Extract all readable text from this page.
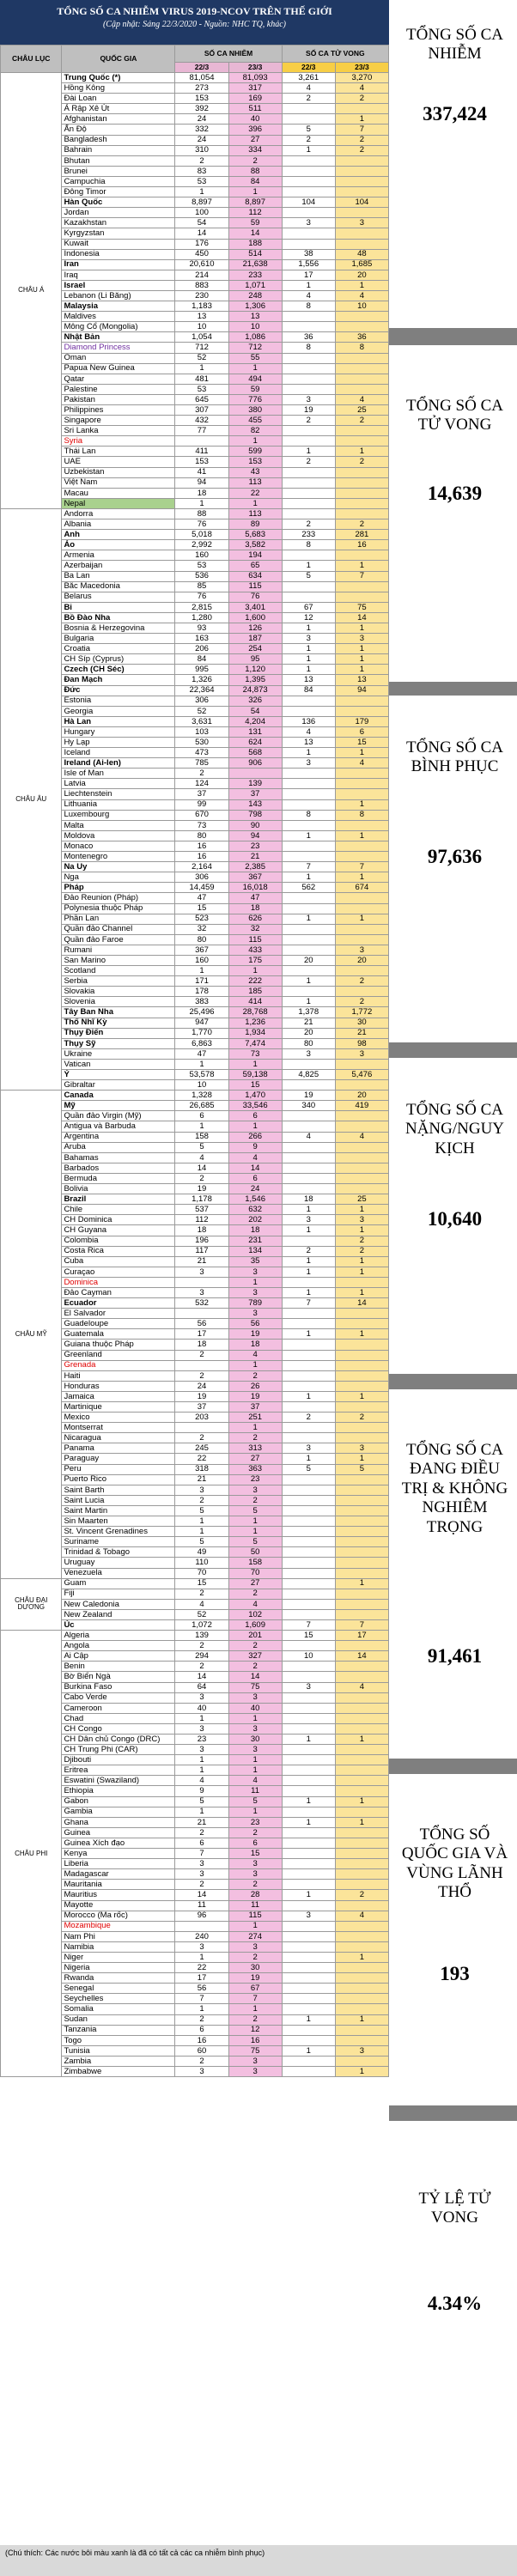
TỔNG SỐ CA NHIỄM VIRUS 2019-NCOV TRÊN THẾ GIỚI
(Cập nhật: Sáng 22/3/2020 - Nguồn: NHC TQ, khác)
CHÂU LỤC	QUỐC GIA	SỐ CA NHIỄM		SỐ CA TỬ VONG	
		22/3	23/3	22/3	23/3
CHÂU Á	Trung Quốc (*)	81,054	81,093	3,261	3,270
	Hồng Kông	273	317	4	4
	Đài Loan	153	169	2	2
	Ả Rập Xê Út	392	511		
	Afghanistan	24	40		1
	Ấn Độ	332	396	5	7
	Bangladesh	24	27	2	2
	Bahrain	310	334	1	2
	Bhutan	2	2		
	Brunei	83	88		
	Campuchia	53	84		
	Đông Timor	1	1		
	Hàn Quốc	8,897	8,897	104	104
	Jordan	100	112		
	Kazakhstan	54	59	3	3
	Kyrgyzstan	14	14		
	Kuwait	176	188		
	Indonesia	450	514	38	48
	Iran	20,610	21,638	1,556	1,685
	Iraq	214	233	17	20
	Israel	883	1,071	1	1
	Lebanon (Li Băng)	230	248	4	4
	Malaysia	1,183	1,306	8	10
	Maldives	13	13		
	Mông Cổ (Mongolia)	10	10		
	Nhật Bản	1,054	1,086	36	36
	Diamond Princess	712	712	8	8
	Oman	52	55		
	Papua New Guinea	1	1		
	Qatar	481	494		
	Palestine	53	59		
	Pakistan	645	776	3	4
	Philippines	307	380	19	25
	Singapore	432	455	2	2
	Sri Lanka	77	82		
	Syria		1		
	Thái Lan	411	599	1	1
	UAE	153	153	2	2
	Uzbekistan	41	43		
	Việt Nam	94	113		
	Macau	18	22		
	Nepal	1	1		
CHÂU ÂU	Andorra	88	113		
	Albania	76	89	2	2
	Anh	5,018	5,683	233	281
	Áo	2,992	3,582	8	16
	Armenia	160	194		
	Azerbaijan	53	65	1	1
	Ba Lan	536	634	5	7
	Bắc Macedonia	85	115		
	Belarus	76	76		
	Bỉ	2,815	3,401	67	75
	Bồ Đào Nha	1,280	1,600	12	14
	Bosnia & Herzegovina	93	126	1	1
	Bulgaria	163	187	3	3
	Croatia	206	254	1	1
	CH Síp (Cyprus)	84	95	1	1
	Czech (CH Séc)	995	1,120	1	1
	Đan Mạch	1,326	1,395	13	13
	Đức	22,364	24,873	84	94
	Estonia	306	326		
	Georgia	52	54		
	Hà Lan	3,631	4,204	136	179
	Hungary	103	131	4	6
	Hy Lạp	530	624	13	15
	Iceland	473	568	1	1
	Ireland (Ai-len)	785	906	3	4
	Isle of Man	2			
	Latvia	124	139		
	Liechtenstein	37	37		
	Lithuania	99	143		1
	Luxembourg	670	798	8	8
	Malta	73	90		
	Moldova	80	94	1	1
	Monaco	16	23		
	Montenegro	16	21		
	Na Uy	2,164	2,385	7	7
	Nga	306	367	1	1
	Pháp	14,459	16,018	562	674
	Đảo Reunion (Pháp)	47	47		
	Polynesia thuộc Pháp	15	18		
	Phần Lan	523	626	1	1
	Quần đảo Channel	32	32		
	Quần đảo Faroe	80	115		
	Rumani	367	433		3
	San Marino	160	175	20	20
	Scotland	1	1		
	Serbia	171	222	1	2
	Slovakia	178	185		
	Slovenia	383	414	1	2
	Tây Ban Nha	25,496	28,768	1,378	1,772
	Thổ Nhĩ Kỳ	947	1,236	21	30
	Thụy Điển	1,770	1,934	20	21
	Thụy Sỹ	6,863	7,474	80	98
	Ukraine	47	73	3	3
	Vatican	1	1		
	Ý	53,578	59,138	4,825	5,476
	Gibraltar	10	15		
CHÂU MỸ	Canada	1,328	1,470	19	20
	Mỹ	26,685	33,546	340	419
	Quần đảo Virgin (Mỹ)	6	6		
	Antigua và Barbuda	1	1		
	Argentina	158	266	4	4
	Aruba	5	9		
	Bahamas	4	4		
	Barbados	14	14		
	Bermuda	2	6		
	Bolivia	19	24		
	Brazil	1,178	1,546	18	25
	Chile	537	632	1	1
	CH Dominica	112	202	3	3
	CH Guyana	18	18	1	1
	Colombia	196	231		2
	Costa Rica	117	134	2	2
	Cuba	21	35	1	1
	Curaçao	3	3	1	1
	Dominica		1		
	Đảo Cayman	3	3	1	1
	Ecuador	532	789	7	14
	El Salvador		3		
	Guadeloupe	56	56		
	Guatemala	17	19	1	1
	Guiana thuộc Pháp	18	18		
	Greenland	2	4		
	Grenada		1		
	Haiti	2	2		
	Honduras	24	26		
	Jamaica	19	19	1	1
	Martinique	37	37		
	Mexico	203	251	2	2
	Montserrat		1		
	Nicaragua	2	2		
	Panama	245	313	3	3
	Paraguay	22	27	1	1
	Peru	318	363	5	5
	Puerto Rico	21	23		
	Saint Barth	3	3		
	Saint Lucia	2	2		
	Saint Martin	5	5		
	Sin Maarten	1	1		
	St. Vincent Grenadines	1	1		
	Suriname	5	5		
	Trinidad & Tobago	49	50		
	Uruguay	110	158		
	Venezuela	70	70		
CHÂU ĐẠI DƯƠNG	Guam	15	27		1
	Fiji	2	2		
	New Caledonia	4	4		
	New Zealand	52	102		
	Úc	1,072	1,609	7	7
CHÂU PHI	Algeria	139	201	15	17
	Angola	2	2		
	Ai Cập	294	327	10	14
	Benin	2	2		
	Bờ Biển Ngà	14	14		
	Burkina Faso	64	75	3	4
	Cabo Verde	3	3		
	Cameroon	40	40		
	Chad	1	1		
	CH Congo	3	3		
	CH Dân chủ Congo (DRC)	23	30	1	1
	CH Trung Phi (CAR)	3	3		
	Djibouti	1	1		
	Eritrea	1	1		
	Eswatini (Swaziland)	4	4		
	Ethiopia	9	11		
	Gabon	5	5	1	1
	Gambia	1	1		
	Ghana	21	23	1	1
	Guinea	2	2		
	Guinea Xích đạo	6	6		
	Kenya	7	15		
	Liberia	3	3		
	Madagascar	3	3		
	Mauritania	2	2		
	Mauritius	14	28	1	2
	Mayotte	11	11		
	Morocco (Ma rốc)	96	115	3	4
	Mozambique		1		
	Nam Phi	240	274		
	Namibia	3	3		
	Niger	1	2		1
	Nigeria	22	30		
	Rwanda	17	19		
	Senegal	56	67		
	Seychelles	7	7		
	Somalia	1	1		
	Sudan	2	2	1	1
	Tanzania	6	12		
	Togo	16	16		
	Tunisia	60	75	1	3
	Zambia	2	3		
	Zimbabwe	3	3		1
TỔNG SỐ CA NHIỄM
337,424
TỔNG SỐ CA TỬ VONG
14,639
TỔNG SỐ CA BÌNH PHỤC
97,636
TỔNG SỐ CA NẶNG/NGUY KỊCH
10,640
TỔNG SỐ CA ĐANG ĐIỀU TRỊ & KHÔNG NGHIÊM TRỌNG
91,461
TỔNG SỐ QUỐC GIA VÀ VÙNG LÃNH THỔ
193
TỶ LỆ TỬ VONG
4.34%
(Chú thích: Các nước bôi màu xanh là đã có tất cả các ca nhiễm bình phục)
